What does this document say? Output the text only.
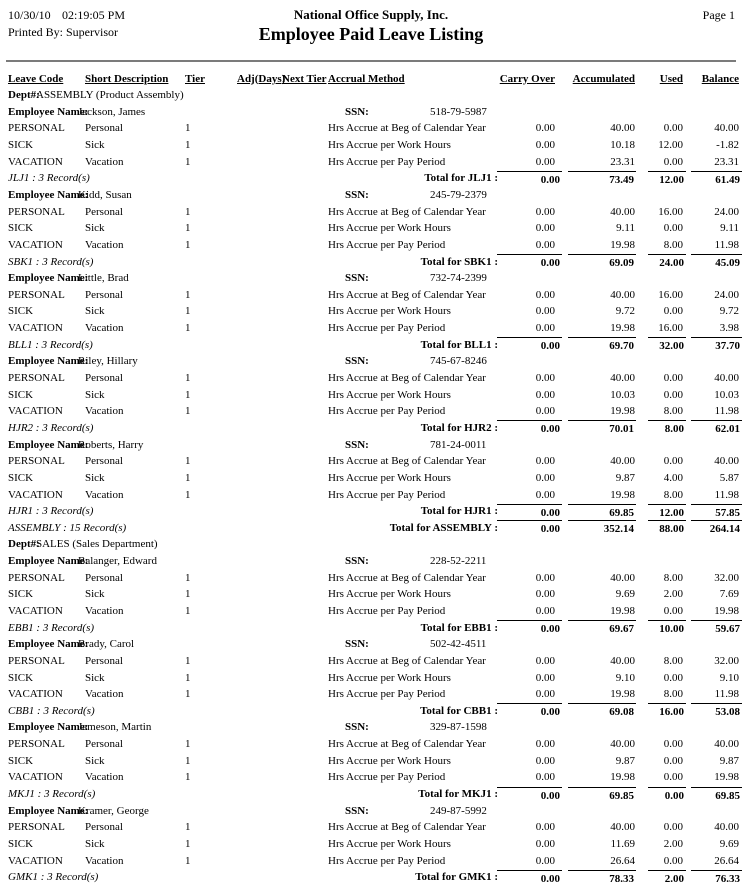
10/30/10 02:19:05 PM	National Office Supply, Inc.	Page 1
Printed By: Supervisor	Employee Paid Leave Listing
Leave Code Short Description Tier	Adj(Days)
Next Tier Accrual Method	Carry Over	Accumulated	Used	Balance
Dept#:
ASSEMBLY (Product Assembly)
Employee Name:
Jackson, James	SSN:	518-79-5987
PERSONAL Personal	1	Hrs Accrue at Beg of Calendar Year	0.00	40.00	0.00	40.00
SICK	Sick	1	Hrs Accrue per Work Hours	0.00	10.18	12.00	-1.82
VACATION Vacation	1	Hrs Accrue per Pay Period	0.00	23.31	0.00	23.31
JLJ1 : 3 Record(s)	Total for JLJ1 :	0.00	73.49	12.00	61.49
Employee Name:
Kidd, Susan	SSN:	245-79-2379
PERSONAL Personal	1	Hrs Accrue at Beg of Calendar Year	0.00	40.00	16.00	24.00
SICK	Sick	1	Hrs Accrue per Work Hours	0.00	9.11	0.00	9.11
VACATION Vacation	1	Hrs Accrue per Pay Period	0.00	19.98	8.00	11.98
SBK1 : 3 Record(s)	Total for SBK1 :	0.00	69.09	24.00	45.09
Employee Name:
Little, Brad	SSN:	732-74-2399
PERSONAL Personal	1	Hrs Accrue at Beg of Calendar Year	0.00	40.00	16.00	24.00
SICK	Sick	1	Hrs Accrue per Work Hours	0.00	9.72	0.00	9.72
VACATION Vacation	1	Hrs Accrue per Pay Period	0.00	19.98	16.00	3.98
BLL1 : 3 Record(s)	Total for BLL1 :	0.00	69.70	32.00	37.70
Employee Name:
Riley, Hillary	SSN:	745-67-8246
PERSONAL Personal	1	Hrs Accrue at Beg of Calendar Year	0.00	40.00	0.00	40.00
SICK	Sick	1	Hrs Accrue per Work Hours	0.00	10.03	0.00	10.03
VACATION Vacation	1	Hrs Accrue per Pay Period	0.00	19.98	8.00	11.98
HJR2 : 3 Record(s)	Total for HJR2 :	0.00	70.01	8.00	62.01
Employee Name:
Roberts, Harry	SSN:	781-24-0011
PERSONAL Personal	1	Hrs Accrue at Beg of Calendar Year	0.00	40.00	0.00	40.00
SICK	Sick	1	Hrs Accrue per Work Hours	0.00	9.87	4.00	5.87
VACATION Vacation	1	Hrs Accrue per Pay Period	0.00	19.98	8.00	11.98
HJR1 : 3 Record(s)	Total for HJR1 :	0.00	69.85	12.00	57.85
ASSEMBLY : 15 Record(s)	Total for ASSEMBLY :	0.00	352.14	88.00	264.14
Dept#:
SALES (Sales Department)
Employee Name:
Balanger, Edward	SSN:	228-52-2211
PERSONAL Personal	1	Hrs Accrue at Beg of Calendar Year	0.00	40.00	8.00	32.00
SICK	Sick	1	Hrs Accrue per Work Hours	0.00	9.69	2.00	7.69
VACATION Vacation	1	Hrs Accrue per Pay Period	0.00	19.98	0.00	19.98
EBB1 : 3 Record(s)	Total for EBB1 :	0.00	69.67	10.00	59.67
Employee Name:
Brady, Carol	SSN:	502-42-4511
PERSONAL Personal	1	Hrs Accrue at Beg of Calendar Year	0.00	40.00	8.00	32.00
SICK	Sick	1	Hrs Accrue per Work Hours	0.00	9.10	0.00	9.10
VACATION Vacation	1	Hrs Accrue per Pay Period	0.00	19.98	8.00	11.98
CBB1 : 3 Record(s)	Total for CBB1 :	0.00	69.08	16.00	53.08
Employee Name:
Jameson, Martin	SSN:	329-87-1598
PERSONAL Personal	1	Hrs Accrue at Beg of Calendar Year	0.00	40.00	0.00	40.00
SICK	Sick	1	Hrs Accrue per Work Hours	0.00	9.87	0.00	9.87
VACATION Vacation	1	Hrs Accrue per Pay Period	0.00	19.98	0.00	19.98
MKJ1 : 3 Record(s)	Total for MKJ1 :	0.00	69.85	0.00	69.85
Employee Name:
Kramer, George	SSN:	249-87-5992
PERSONAL Personal	1	Hrs Accrue at Beg of Calendar Year	0.00	40.00	0.00	40.00
SICK	Sick	1	Hrs Accrue per Work Hours	0.00	11.69	2.00	9.69
VACATION Vacation	1	Hrs Accrue per Pay Period	0.00	26.64	0.00	26.64
GMK1 : 3 Record(s)	Total for GMK1 :	0.00	78.33	2.00	76.33
